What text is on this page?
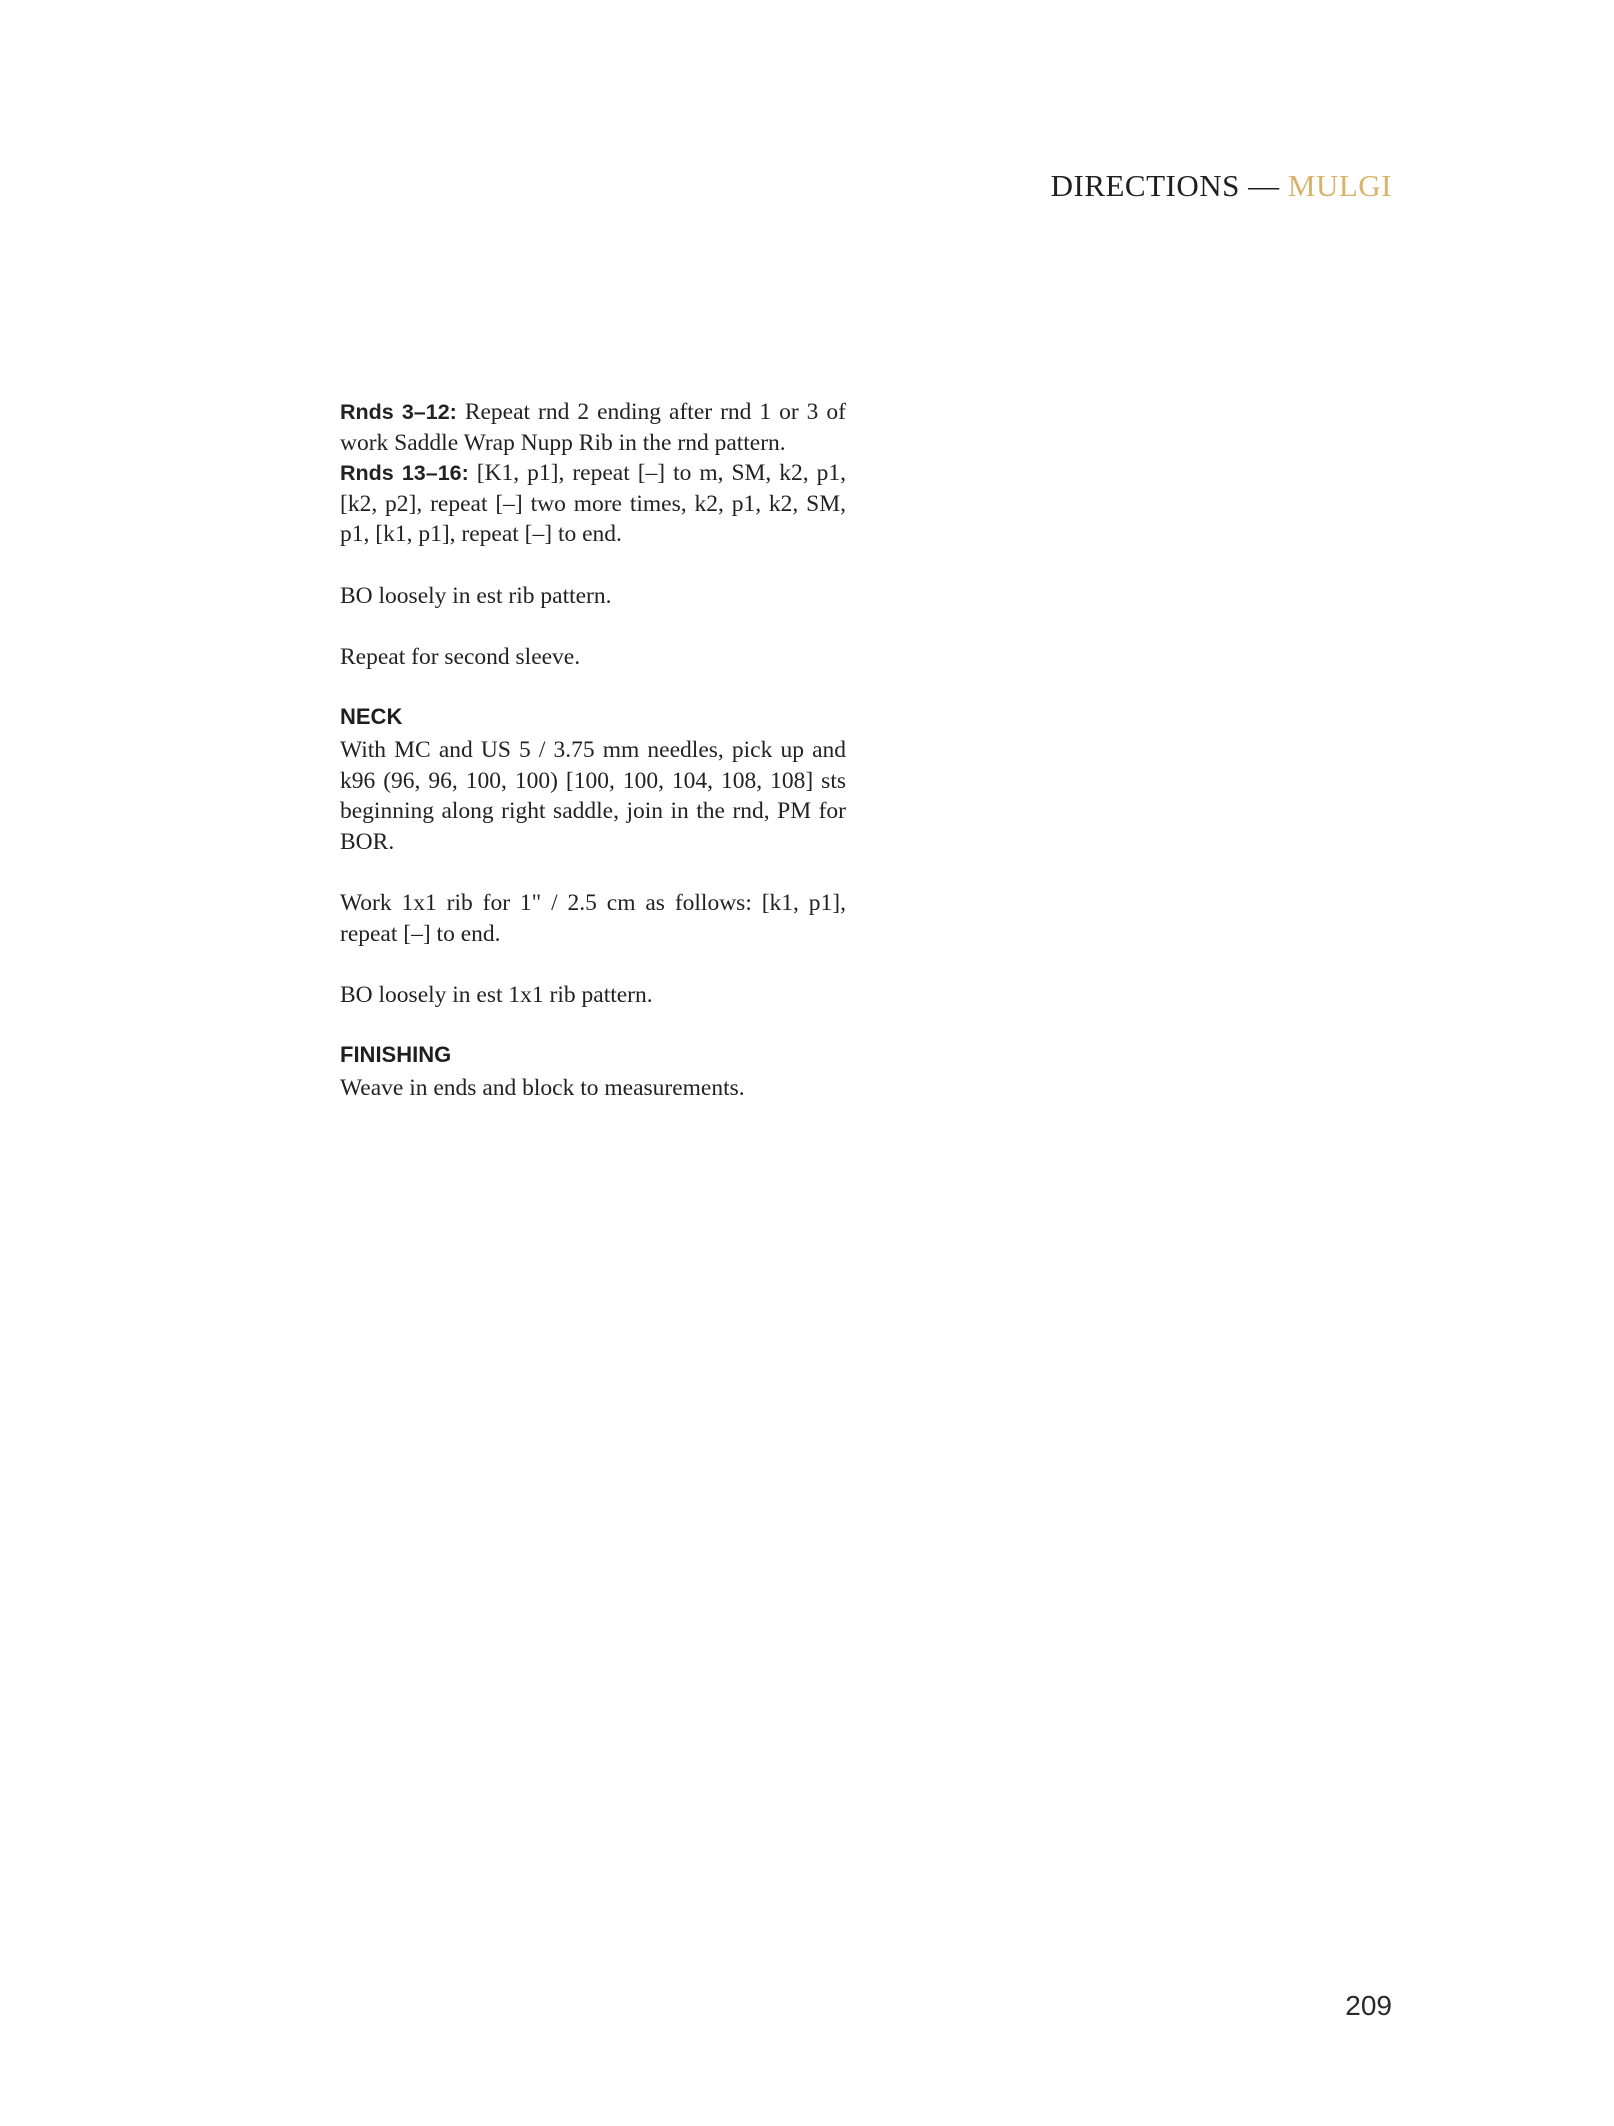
DIRECTIONS — MULGI

Rnds 3–12: Repeat rnd 2 ending after rnd 1 or 3 of work Saddle Wrap Nupp Rib in the rnd pattern.

Rnds 13–16: [K1, p1], repeat [–] to m, SM, k2, p1, [k2, p2], repeat [–] two more times, k2, p1, k2, SM, p1, [k1, p1], repeat [–] to end.

BO loosely in est rib pattern.

Repeat for second sleeve.

NECK

With MC and US 5 / 3.75 mm needles, pick up and k96 (96, 96, 100, 100) [100, 100, 104, 108, 108] sts beginning along right saddle, join in the rnd, PM for BOR.

Work 1x1 rib for 1" / 2.5 cm as follows: [k1, p1], repeat [–] to end.

BO loosely in est 1x1 rib pattern.

FINISHING

Weave in ends and block to measurements.

209
